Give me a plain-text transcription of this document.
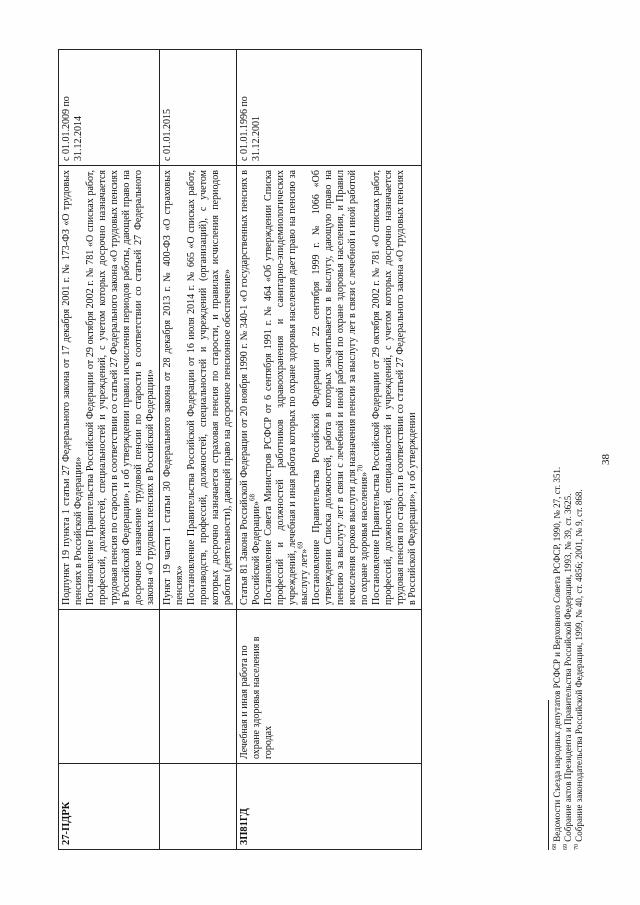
38
27-ПДРК		Подпункт 19 пункта 1 статьи 27 Федерального закона от 17 декабря 2001 г. № 173-ФЗ «О трудовых пенсиях в Российской Федерации» Постановление Правительства Российской Федерации от 29 октября 2002 г. № 781 «О списках работ, профессий, должностей, специальностей и учреждений, с учетом которых досрочно назначается трудовая пенсия по старости в соответствии со статьей 27 Федерального закона «О трудовых пенсиях в Российской Федерации», и об утверждении правил исчисления периодов работы, дающей право на досрочное назначение трудовой пенсии по старости в соответствии со статьей 27 Федерального закона «О трудовых пенсиях в Российской Федерации»	с 01.01.2009 по 31.12.2014

		Пункт 19 части 1 статьи 30 Федерального закона от 28 декабря 2013 г. № 400-ФЗ «О страховых пенсиях» Постановление Правительства Российской Федерации от 16 июля 2014 г. № 665 «О списках работ, производств, профессий, должностей, специальностей и учреждений (организаций), с учетом которых досрочно назначается страховая пенсия по старости, и правилах исчисления периодов работы (деятельности), дающей право на досрочное пенсионное обеспечение»	с 01.01.2015
3П81ГД	Лечебная и иная работа по охране здоровья населения в городах	Статья 81 Закона Российской Федерации от 20 ноября 1990 г. № 340-1 «О государственных пенсиях в Российской Федерации»$^{68}$ Постановление Совета Министров РСФСР от 6 сентября 1991 г. № 464 «Об утверждении Списка профессий и должностей работников здравоохранения и санитарно-эпидемиологических учреждений, лечебная и иная работа которых по охране здоровья населения дает право на пенсию за выслугу лет»$^{69}$ Постановление Правительства Российской Федерации от 22 сентября 1999 г. № 1066 «Об утверждении Списка должностей, работа в которых засчитывается в выслугу, дающую право на пенсию за выслугу лет в связи с лечебной и иной работой по охране здоровья населения, и Правил исчисления сроков выслуги для назначения пенсии за выслугу лет в связи с лечебной и иной работой по охране здоровья населения»$^{70}$ Постановление Правительства Российской Федерации от 29 октября 2002 г. № 781 «О списках работ, профессий, должностей, специальностей и учреждений, с учетом которых досрочно назначается трудовая пенсия по старости в соответствии со статьей 27 Федерального закона «О трудовых пенсиях в Российской Федерации», и об утверждении	с 01.01.1996 по 31.12.2001
$^{68}$ Ведомости Съезда народных депутатов РСФСР и Верховного Совета РСФСР, 1990, № 27, ст. 351.
$^{69}$ Собрание актов Президента и Правительства Российской Федерации, 1993, № 39, ст. 3625.
$^{70}$ Собрание законодательства Российской Федерации, 1999, № 40, ст. 4856; 2001, № 9, ст. 868.
